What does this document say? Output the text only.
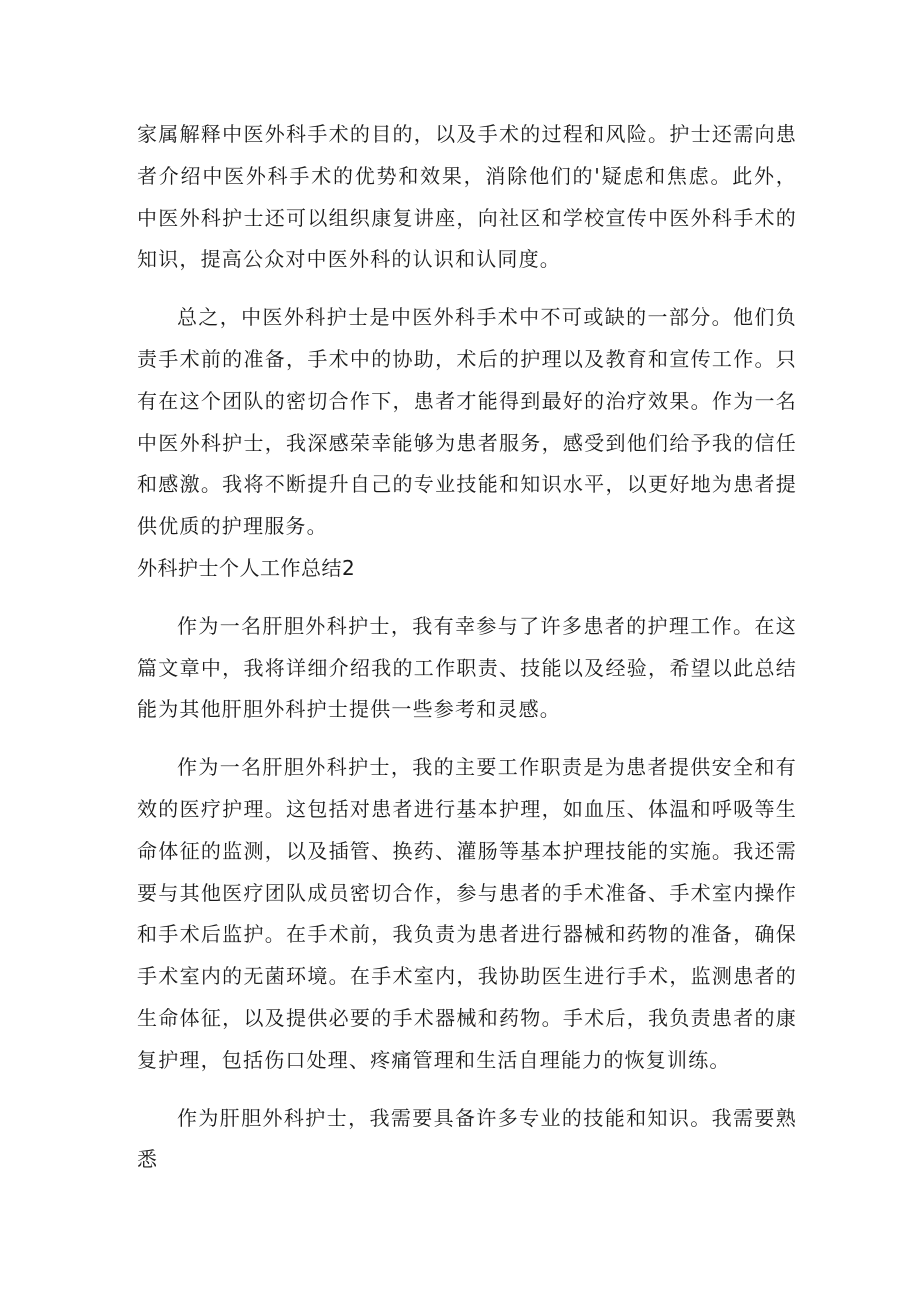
家属解释中医外科手术的目的，以及手术的过程和风险。护士还需向患者介绍中医外科手术的优势和效果，消除他们的'疑虑和焦虑。此外，中医外科护士还可以组织康复讲座，向社区和学校宣传中医外科手术的知识，提高公众对中医外科的认识和认同度。

总之，中医外科护士是中医外科手术中不可或缺的一部分。他们负责手术前的准备，手术中的协助，术后的护理以及教育和宣传工作。只有在这个团队的密切合作下，患者才能得到最好的治疗效果。作为一名中医外科护士，我深感荣幸能够为患者服务，感受到他们给予我的信任和感激。我将不断提升自己的专业技能和知识水平，以更好地为患者提供优质的护理服务。

外科护士个人工作总结2

作为一名肝胆外科护士，我有幸参与了许多患者的护理工作。在这篇文章中，我将详细介绍我的工作职责、技能以及经验，希望以此总结能为其他肝胆外科护士提供一些参考和灵感。

作为一名肝胆外科护士，我的主要工作职责是为患者提供安全和有效的医疗护理。这包括对患者进行基本护理，如血压、体温和呼吸等生命体征的监测，以及插管、换药、灌肠等基本护理技能的实施。我还需要与其他医疗团队成员密切合作，参与患者的手术准备、手术室内操作和手术后监护。在手术前，我负责为患者进行器械和药物的准备，确保手术室内的无菌环境。在手术室内，我协助医生进行手术，监测患者的生命体征，以及提供必要的手术器械和药物。手术后，我负责患者的康复护理，包括伤口处理、疼痛管理和生活自理能力的恢复训练。

作为肝胆外科护士，我需要具备许多专业的技能和知识。我需要熟悉
